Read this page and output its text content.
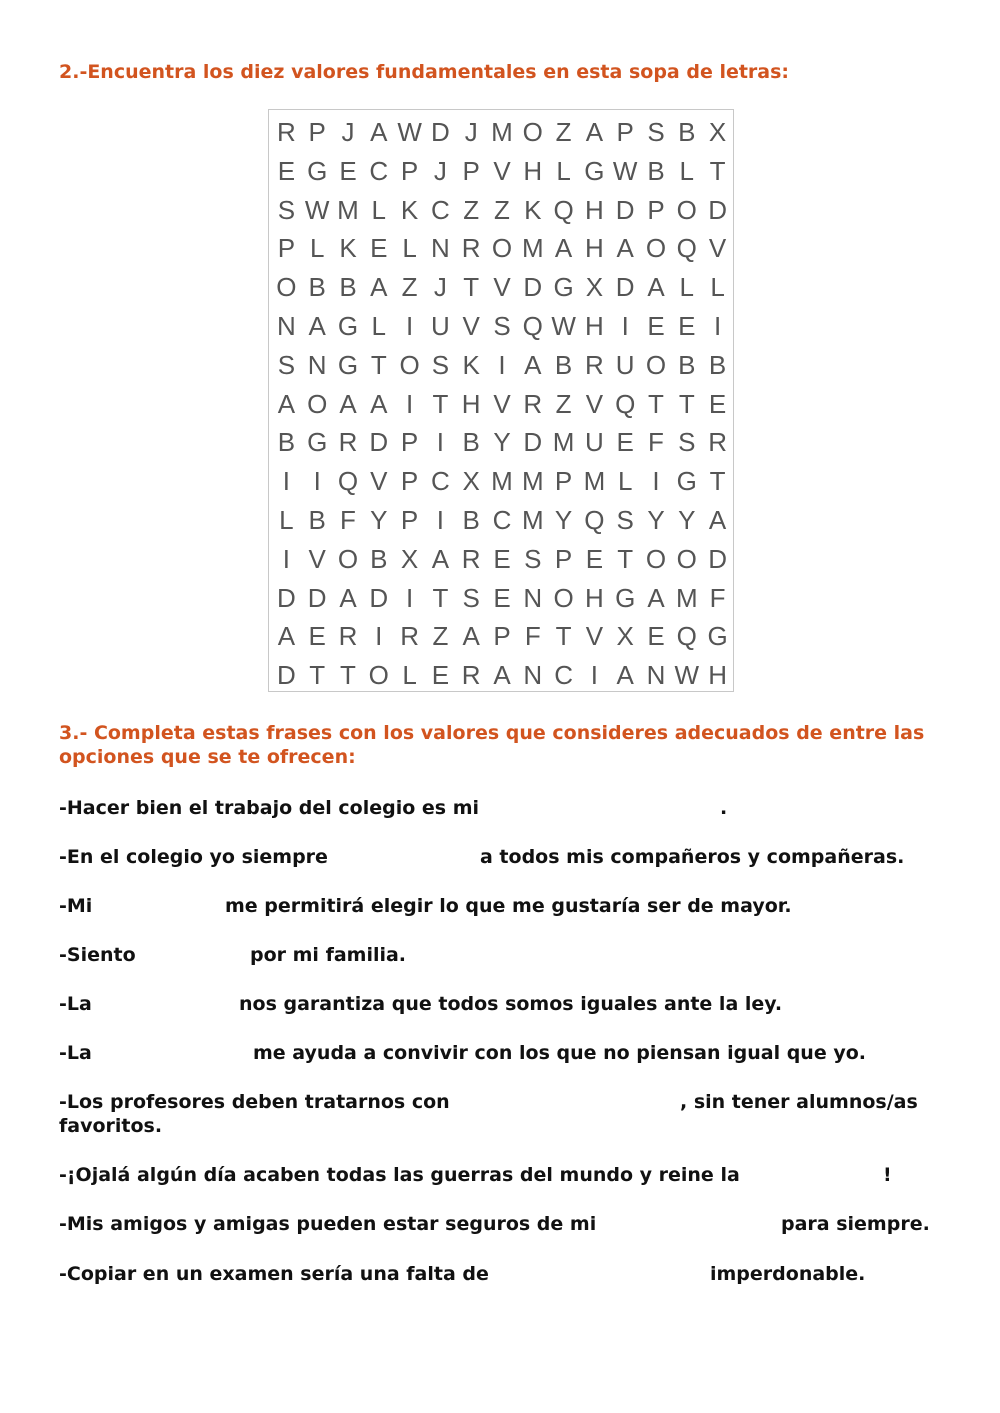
2.-Encuentra los diez valores fundamentales en esta sopa de letras:
R P J A W D J M O Z A P S B X
E G E C P J P V H L G W B L T
S W M L K C Z Z K Q H D P O D
P L K E L N R O M A H A O Q V
O B B A Z J T V D G X D A L L
N A G L I U V S Q W H I E E I
S N G T O S K I A B R U O B B
A O A A I T H V R Z V Q T T E
B G R D P I B Y D M U E F S R
I I Q V P C X M M P M L I G T
L B F Y P I B C M Y Q S Y Y A
I V O B X A R E S P E T O O D
D D A D I T S E N O H G A M F
A E R I R Z A P F T V X E Q G
D T T O L E R A N C I A N W H
3.- Completa estas frases con los valores que consideres adecuados de entre las opciones que se te ofrecen:

-Hacer bien el trabajo del colegio es mi	.

-En el colegio yo siempre	a todos mis compañeros y compañeras.

-Mi	me permitirá elegir lo que me gustaría ser de mayor.

-Siento	por mi familia.

-La	nos garantiza que todos somos iguales ante la ley.

-La	me ayuda a convivir con los que no piensan igual que yo.

-Los profesores deben tratarnos con	, sin tener alumnos/as
favoritos.

-¡Ojalá algún día acaben todas las guerras del mundo y reine la	!

-Mis amigos y amigas pueden estar seguros de mi	para siempre.

-Copiar en un examen sería una falta de	imperdonable.
